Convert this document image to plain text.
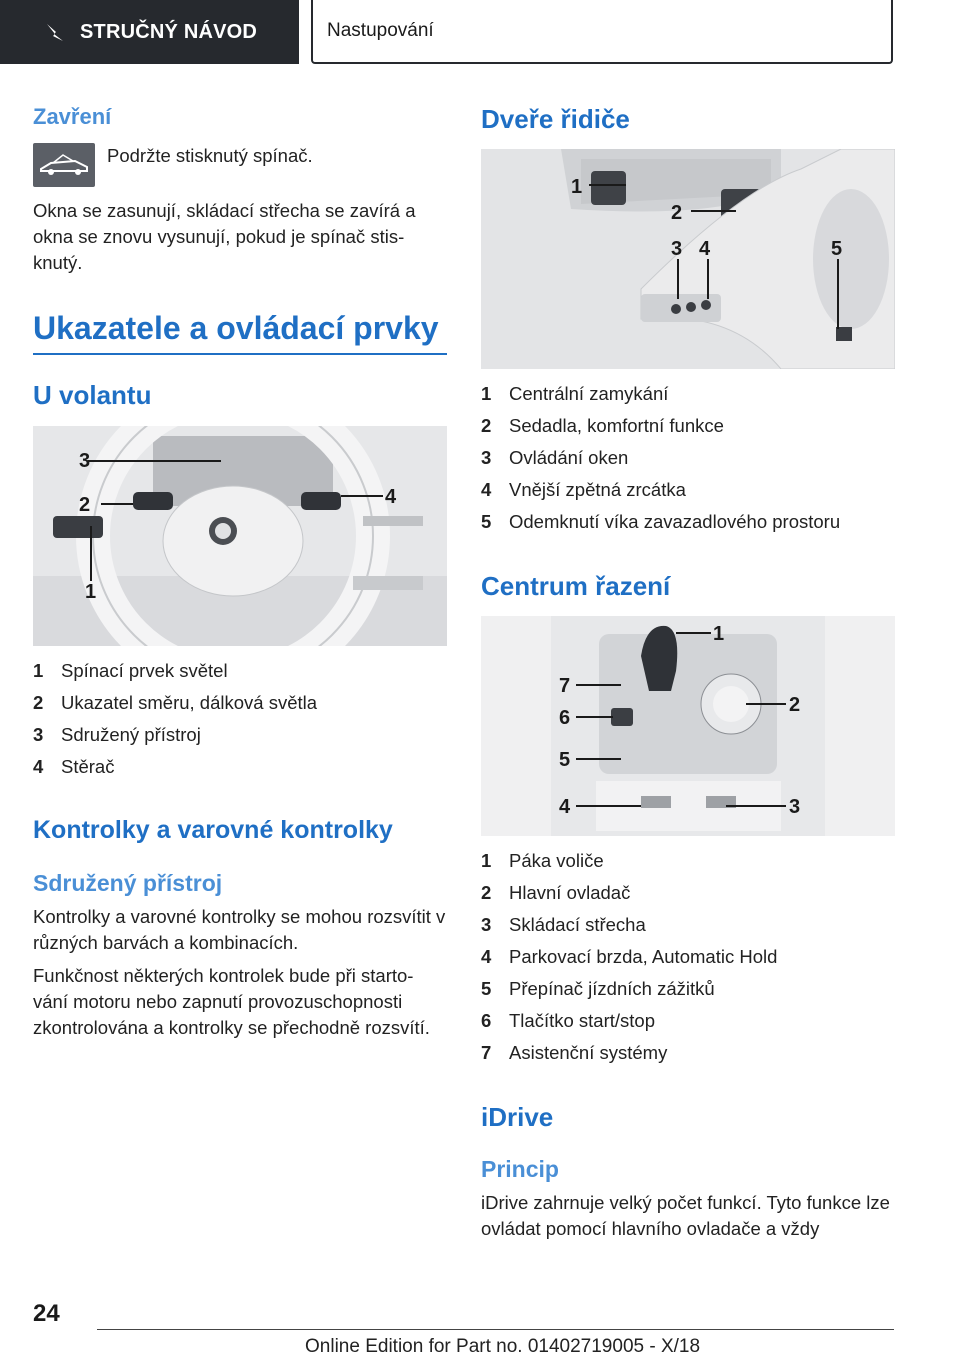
STRUČNÝ NÁVOD	Nastupování
Zavření

Podržte stisknutý spínač.

Okna se zasunují, skládací střecha se zavírá a okna se znovu vysunují, pokud je spínač stis-knutý.

Ukazatele a ovládací prvky
U volantu
3
2	4
1
1 Spínací prvek světel
2 Ukazatel směru, dálková světla
3 Sdružený přístroj
4 Stěrač
Kontrolky a varovné kontrolky
Sdružený přístroj

Kontrolky a varovné kontrolky se mohou rozsvítit v různých barvách a kombinacích.

Funkčnost některých kontrolek bude při starto-vání motoru nebo zapnutí provozuschopnosti zkontrolována a kontrolky se přechodně rozsvítí.

Dveře řidiče
1
2
3 4	5
1 Centrální zamykání
2 Sedadla, komfortní funkce
3 Ovládání oken
4 Vnější zpětná zrcátka
5 Odemknutí víka zavazadlového prostoru
Centrum řazení
1
7
6
2
5
4	3
1 Páka voliče
2 Hlavní ovladač
3 Skládací střecha
4 Parkovací brzda, Automatic Hold
5 Přepínač jízdních zážitků
6 Tlačítko start/stop
7 Asistenční systémy
iDrive
Princip

iDrive zahrnuje velký počet funkcí. Tyto funkce lze ovládat pomocí hlavního ovladače a vždy

24
Online Edition for Part no. 01402719005 - X/18
